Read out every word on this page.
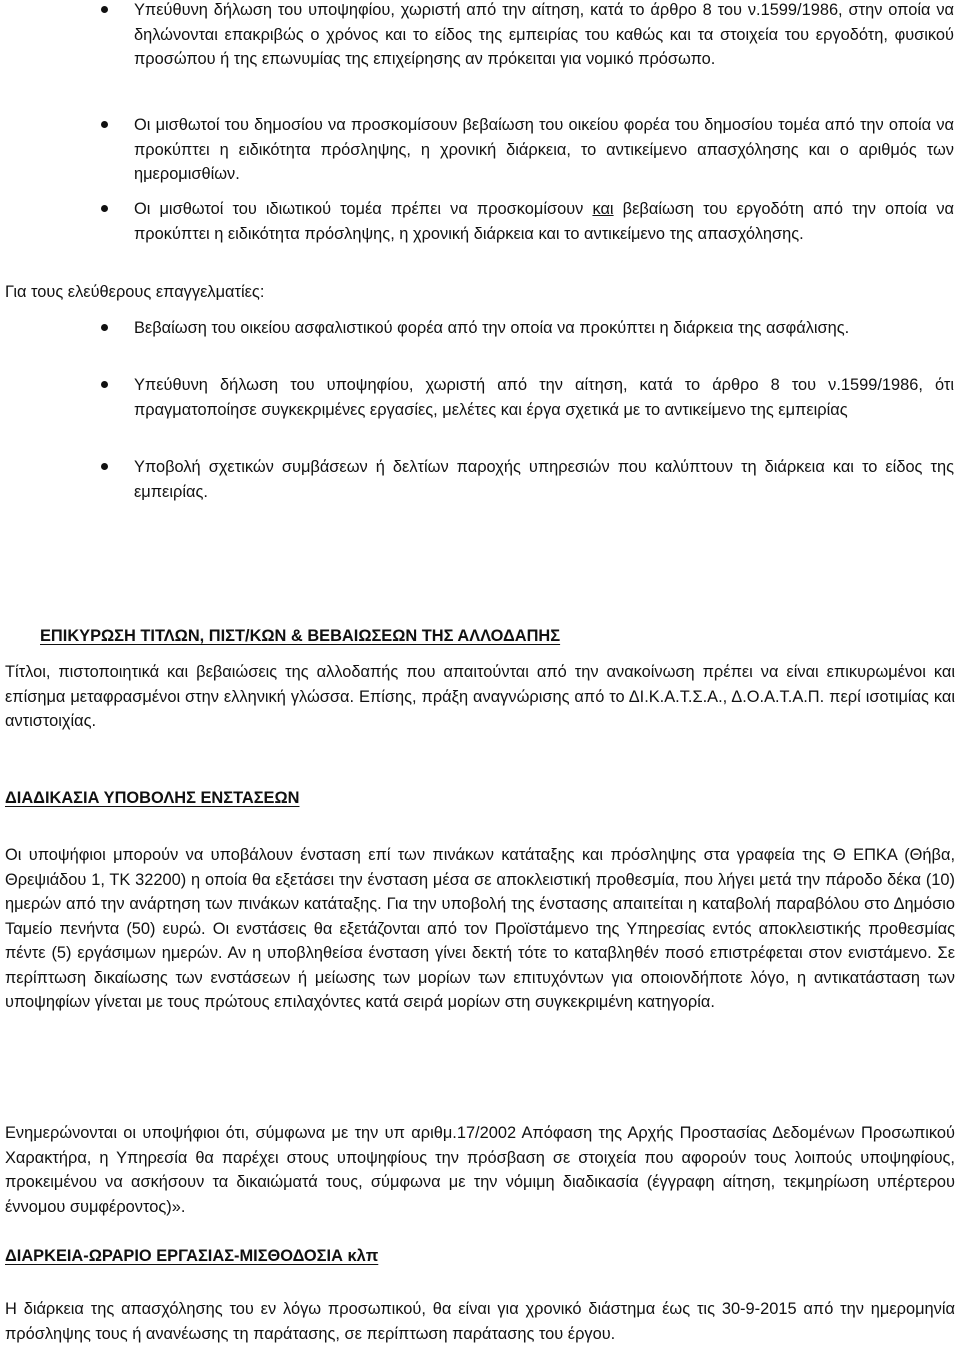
Υπεύθυνη δήλωση του υποψηφίου, χωριστή από την αίτηση, κατά το άρθρο 8 του ν.1599/1986, στην οποία να δηλώνονται επακριβώς ο χρόνος και το είδος της εμπειρίας του καθώς και τα στοιχεία του εργοδότη, φυσικού προσώπου ή της επωνυμίας της επιχείρησης αν πρόκειται για νομικό πρόσωπο.
Οι μισθωτοί του δημοσίου να προσκομίσουν βεβαίωση του οικείου φορέα του δημοσίου τομέα από την οποία να προκύπτει η ειδικότητα πρόσληψης, η χρονική διάρκεια, το αντικείμενο απασχόλησης και ο αριθμός των ημερομισθίων.
Οι μισθωτοί του ιδιωτικού τομέα πρέπει να προσκομίσουν και βεβαίωση του εργοδότη από την οποία να προκύπτει η ειδικότητα πρόσληψης, η χρονική διάρκεια και το αντικείμενο της απασχόλησης.
Για τους ελεύθερους επαγγελματίες:
Βεβαίωση του οικείου ασφαλιστικού φορέα από την οποία να προκύπτει η διάρκεια της ασφάλισης.
Υπεύθυνη δήλωση του υποψηφίου, χωριστή από την αίτηση, κατά το άρθρο 8 του ν.1599/1986, ότι πραγματοποίησε συγκεκριμένες εργασίες, μελέτες και έργα σχετικά με το αντικείμενο της εμπειρίας
Υποβολή σχετικών συμβάσεων ή δελτίων παροχής υπηρεσιών που καλύπτουν τη διάρκεια και το είδος της εμπειρίας.
ΕΠΙΚΥΡΩΣΗ ΤΙΤΛΩΝ, ΠΙΣΤ/ΚΩΝ & ΒΕΒΑΙΩΣΕΩΝ ΤΗΣ ΑΛΛΟΔΑΠΗΣ
Τίτλοι, πιστοποιητικά και βεβαιώσεις της αλλοδαπής που απαιτούνται από την ανακοίνωση πρέπει να είναι επικυρωμένοι και επίσημα μεταφρασμένοι στην ελληνική γλώσσα. Επίσης, πράξη αναγνώρισης από το ΔΙ.Κ.Α.Τ.Σ.Α., Δ.Ο.Α.Τ.Α.Π. περί ισοτιμίας και αντιστοιχίας.
ΔΙΑΔΙΚΑΣΙΑ ΥΠΟΒΟΛΗΣ ΕΝΣΤΑΣΕΩΝ
Οι υποψήφιοι μπορούν να υποβάλουν ένσταση επί των πινάκων κατάταξης και πρόσληψης στα γραφεία της Θ ΕΠΚΑ (Θήβα, Θρεψιάδου 1, ΤΚ 32200) η οποία θα εξετάσει την ένσταση μέσα σε αποκλειστική προθεσμία, που λήγει μετά την πάροδο δέκα (10) ημερών από την ανάρτηση των πινάκων κατάταξης. Για την υποβολή της ένστασης απαιτείται η καταβολή παραβόλου στο Δημόσιο Ταμείο πενήντα (50) ευρώ. Οι ενστάσεις θα εξετάζονται από τον Προϊστάμενο της Υπηρεσίας εντός αποκλειστικής προθεσμίας πέντε (5) εργάσιμων ημερών. Αν η υποβληθείσα ένσταση γίνει δεκτή τότε το καταβληθέν ποσό επιστρέφεται στον ενιστάμενο. Σε περίπτωση δικαίωσης των ενστάσεων ή μείωσης των μορίων των επιτυχόντων για οποιονδήποτε λόγο, η αντικατάσταση των υποψηφίων γίνεται με τους πρώτους επιλαχόντες κατά σειρά μορίων στη συγκεκριμένη κατηγορία.
Ενημερώνονται οι υποψήφιοι ότι, σύμφωνα με την υπ αριθμ.17/2002 Απόφαση της Αρχής Προστασίας Δεδομένων Προσωπικού Χαρακτήρα, η Υπηρεσία θα παρέχει στους υποψηφίους την πρόσβαση σε στοιχεία που αφορούν τους λοιπούς υποψηφίους, προκειμένου να ασκήσουν τα δικαιώματά τους, σύμφωνα με την νόμιμη διαδικασία (έγγραφη αίτηση, τεκμηρίωση υπέρτερου έννομου συμφέροντος)».
ΔΙΑΡΚΕΙΑ-ΩΡΑΡΙΟ ΕΡΓΑΣΙΑΣ-ΜΙΣΘΟΔΟΣΙΑ κλπ
Η διάρκεια της απασχόλησης του εν λόγω προσωπικού, θα είναι για χρονικό διάστημα έως τις 30-9-2015 από την ημερομηνία πρόσληψης τους ή ανανέωσης τη παράτασης, σε περίπτωση παράτασης του έργου.
